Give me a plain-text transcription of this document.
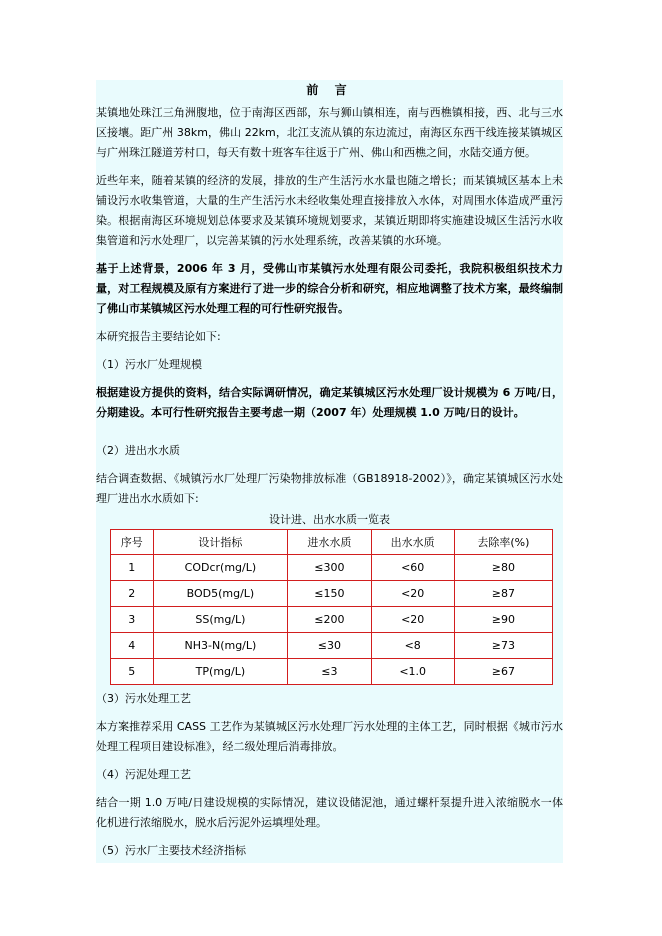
前 言

某镇地处珠江三角洲腹地，位于南海区西部，东与狮山镇相连，南与西樵镇相接，西、北与三水区接壤。距广州 38km，佛山 22km，北江支流从镇的东边流过，南海区东西干线连接某镇城区与广州珠江隧道芳村口，每天有数十班客车往返于广州、佛山和西樵之间，水陆交通方便。

近些年来，随着某镇的经济的发展，排放的生产生活污水水量也随之增长；而某镇城区基本上未铺设污水收集管道，大量的生产生活污水未经收集处理直接排放入水体，对周围水体造成严重污染。根据南海区环境规划总体要求及某镇环境规划要求，某镇近期即将实施建设城区生活污水收集管道和污水处理厂，以完善某镇的污水处理系统，改善某镇的水环境。

基于上述背景，2006 年 3 月，受佛山市某镇污水处理有限公司委托，我院积极组织技术力量，对工程规模及原有方案进行了进一步的综合分析和研究，相应地调整了技术方案，最终编制了佛山市某镇城区污水处理工程的可行性研究报告。

本研究报告主要结论如下:

（1）污水厂处理规模

根据建设方提供的资料，结合实际调研情况，确定某镇城区污水处理厂设计规模为 6 万吨/日，分期建设。本可行性研究报告主要考虑一期（2007 年）处理规模 1.0 万吨/日的设计。

（2）进出水水质

结合调查数据、《城镇污水厂处理厂污染物排放标准（GB18918-2002）》，确定某镇城区污水处理厂进出水水质如下:

设计进、出水水质一览表
序号	设计指标	进水水质	出水水质	去除率(%)
1	CODcr(mg/L)	≤300	<60	≥80
2	BOD5(mg/L)	≤150	<20	≥87
3	SS(mg/L)	≤200	<20	≥90
4	NH3-N(mg/L)	≤30	<8	≥73
5	TP(mg/L)	≤3	<1.0	≥67

（3）污水处理工艺

本方案推荐采用 CASS 工艺作为某镇城区污水处理厂污水处理的主体工艺，同时根据《城市污水处理工程项目建设标准》，经二级处理后消毒排放。

（4）污泥处理工艺

结合一期 1.0 万吨/日建设规模的实际情况，建议设储泥池，通过螺杆泵提升进入浓缩脱水一体化机进行浓缩脱水，脱水后污泥外运填埋处理。

（5）污水厂主要技术经济指标
